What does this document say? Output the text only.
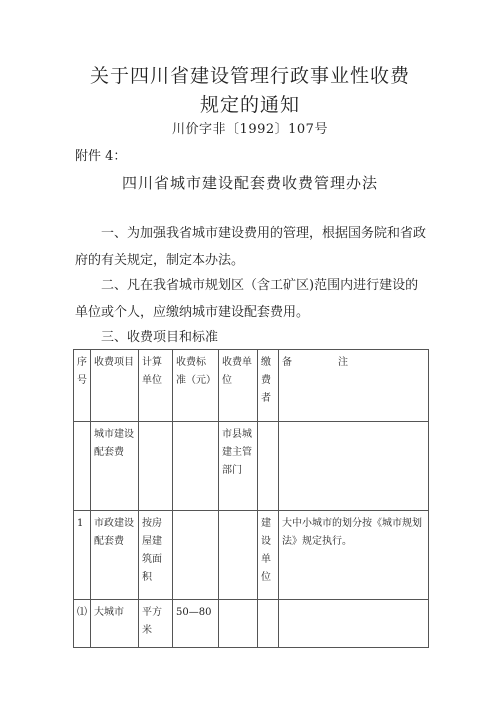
关于四川省建设管理行政事业性收费
规定的通知
川价字非〔1992〕107号
附件 4：
四川省城市建设配套费收费管理办法

一、为加强我省城市建设费用的管理，根据国务院和省政府的有关规定，制定本办法。

二、凡在我省城市规划区（含工矿区)范围内进行建设的单位或个人，应缴纳城市建设配套费用。

三、收费项目和标准

序号	收费项目	计算单位	收费标准（元）	收费单位	缴费者	备　注
	城市建设配套费			市县城建主管部门		
1	市政建设配套费	按房屋建筑面积			建设单位	大中小城市的划分按《城市规划法》规定执行。
⑴	大城市	平方米	50—80			
